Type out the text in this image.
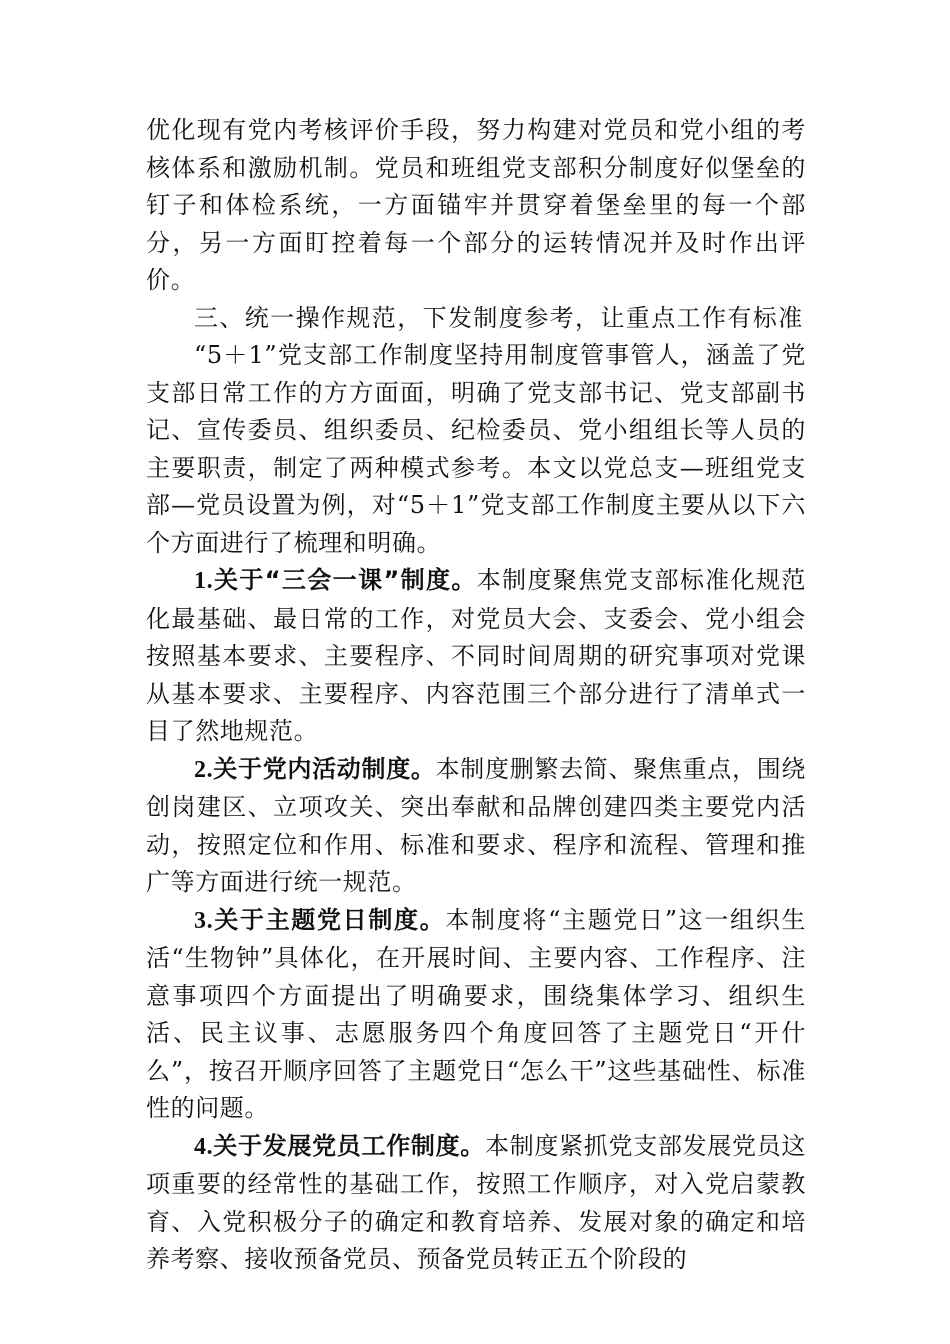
优化现有党内考核评价手段，努力构建对党员和党小组的考核体系和激励机制。党员和班组党支部积分制度好似堡垒的钉子和体检系统，一方面锚牢并贯穿着堡垒里的每一个部分，另一方面盯控着每一个部分的运转情况并及时作出评价。

三、统一操作规范，下发制度参考，让重点工作有标准

“5＋1”党支部工作制度坚持用制度管事管人，涵盖了党支部日常工作的方方面面，明确了党支部书记、党支部副书记、宣传委员、组织委员、纪检委员、党小组组长等人员的主要职责，制定了两种模式参考。本文以党总支—班组党支部—党员设置为例，对“5＋1”党支部工作制度主要从以下六个方面进行了梳理和明确。

1.关于“三会一课”制度。本制度聚焦党支部标准化规范化最基础、最日常的工作，对党员大会、支委会、党小组会按照基本要求、主要程序、不同时间周期的研究事项对党课从基本要求、主要程序、内容范围三个部分进行了清单式一目了然地规范。

2.关于党内活动制度。本制度删繁去简、聚焦重点，围绕创岗建区、立项攻关、突出奉献和品牌创建四类主要党内活动，按照定位和作用、标准和要求、程序和流程、管理和推广等方面进行统一规范。

3.关于主题党日制度。本制度将“主题党日”这一组织生活“生物钟”具体化，在开展时间、主要内容、工作程序、注意事项四个方面提出了明确要求，围绕集体学习、组织生活、民主议事、志愿服务四个角度回答了主题党日“开什么”，按召开顺序回答了主题党日“怎么干”这些基础性、标准性的问题。

4.关于发展党员工作制度。本制度紧抓党支部发展党员这项重要的经常性的基础工作，按照工作顺序，对入党启蒙教育、入党积极分子的确定和教育培养、发展对象的确定和培养考察、接收预备党员、预备党员转正五个阶段的
